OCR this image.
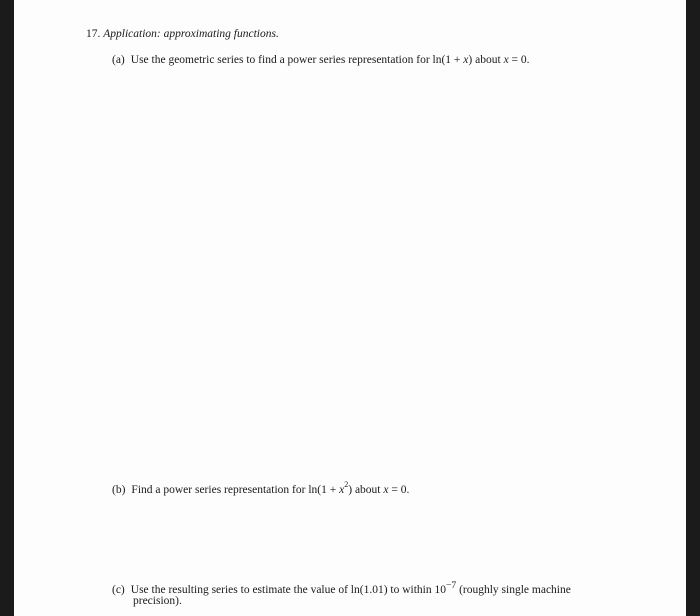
17. Application: approximating functions.
(a) Use the geometric series to find a power series representation for ln(1 + x) about x = 0.
(b) Find a power series representation for $\ln(1 + x^2)$ about x = 0.
(c) Use the resulting series to estimate the value of ln(1.01) to within $10^{-7}$ (roughly single machine
precision).
